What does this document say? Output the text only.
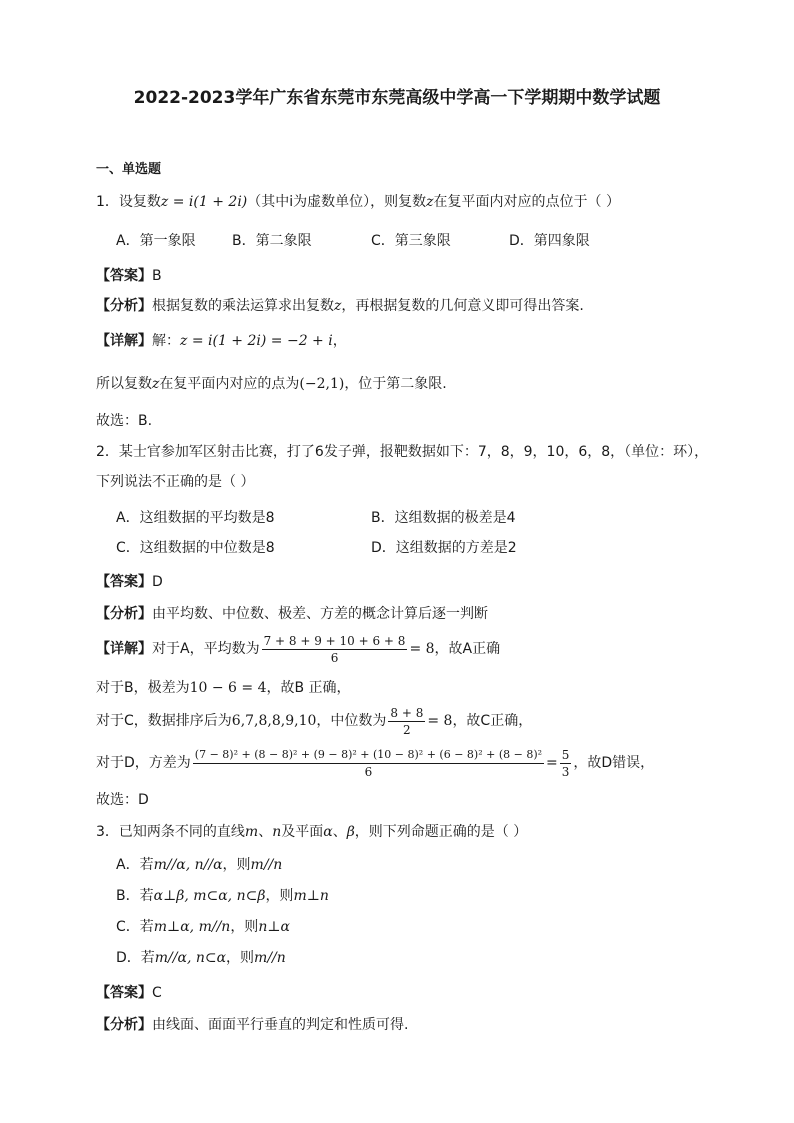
2022-2023学年广东省东莞市东莞高级中学高一下学期期中数学试题
一、单选题
1．设复数z = i(1 + 2i)（其中i为虚数单位），则复数z在复平面内对应的点位于（ ）
A．第一象限	B．第二象限	C．第三象限	D．第四象限
【答案】B
【分析】根据复数的乘法运算求出复数z，再根据复数的几何意义即可得出答案.
【详解】解：z = i(1 + 2i) = −2 + i，
所以复数z在复平面内对应的点为(−2,1)，位于第二象限.
故选：B.
2．某士官参加军区射击比赛，打了6发子弹，报靶数据如下：7，8，9，10，6，8，（单位：环），
下列说法不正确的是（ ）
A．这组数据的平均数是8	B．这组数据的极差是4
C．这组数据的中位数是8	D．这组数据的方差是2
【答案】D
【分析】由平均数、中位数、极差、方差的概念计算后逐一判断
【详解】对于A，平均数为 $\frac{7 + 8 + 9 + 10 + 6 + 8}{6} = 8$，故A正确
对于B，极差为10 − 6 = 4，故B 正确，
对于C，数据排序后为6,7,8,8,9,10，中位数为 $\frac{8 + 8}{2} = 8$，故C正确，
对于D，方差为
(7 − 8)² + (8 − 8)² + (9 − 8)² + (10 − 8)² + (6 − 8)² + (8 − 8)²
6
= $\frac{5}{3}$ ，故D错误，
故选：D
3．已知两条不同的直线m、n及平面α、β，则下列命题正确的是（ ）
A．若m//α, n//α，则m//n
B．若α⊥β, m⊂α, n⊂β，则m⊥n
C．若m⊥α, m//n，则n⊥α
D．若m//α, n⊂α，则m//n
【答案】C
【分析】由线面、面面平行垂直的判定和性质可得.
